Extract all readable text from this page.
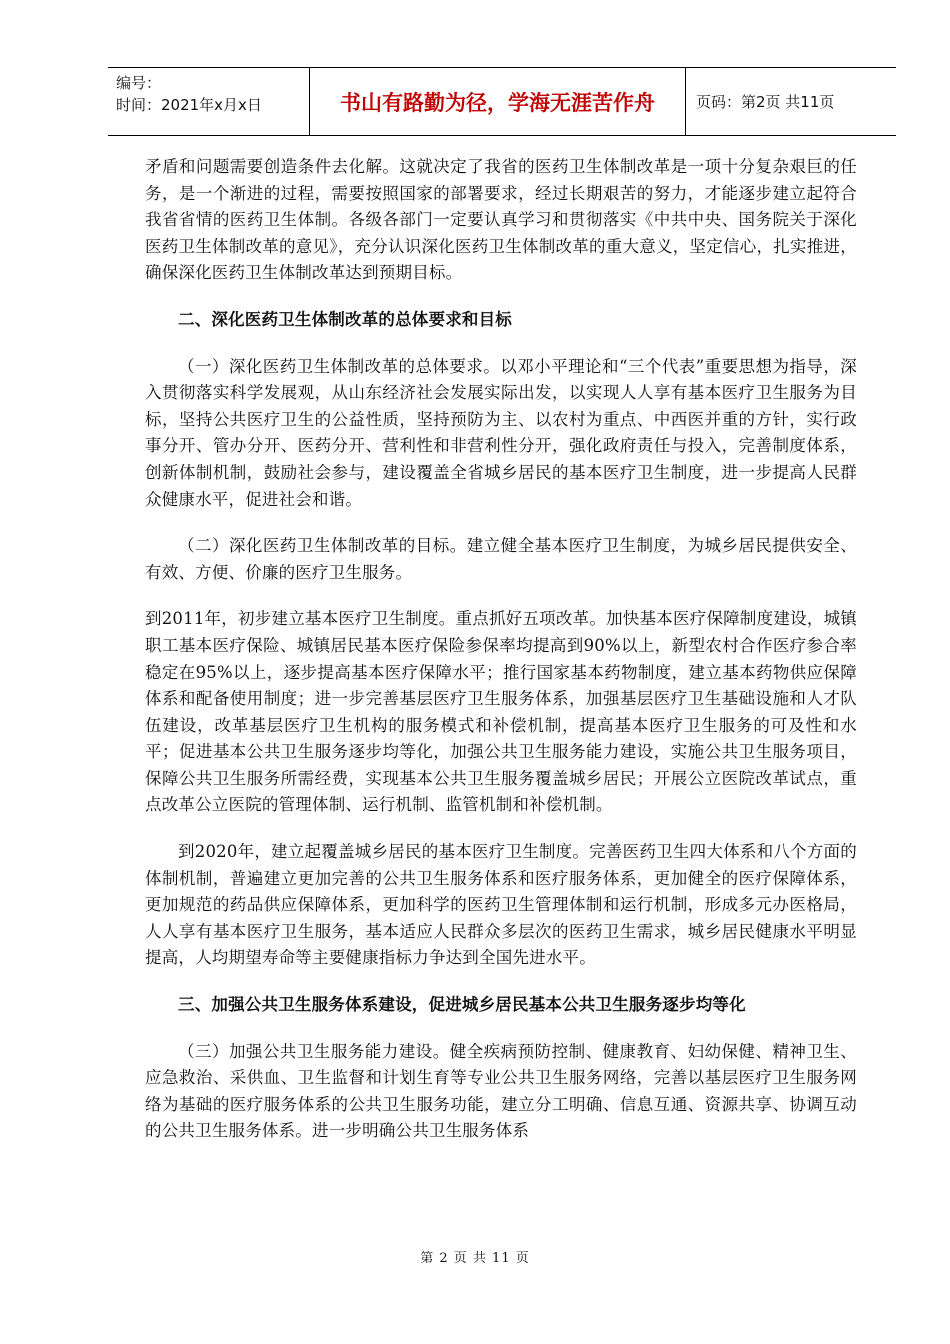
编号：
时间：2021年x月x日	书山有路勤为径，学海无涯苦作舟	页码：第2页 共11页

矛盾和问题需要创造条件去化解。这就决定了我省的医药卫生体制改革是一项十分复杂艰巨的任务，是一个渐进的过程，需要按照国家的部署要求，经过长期艰苦的努力，才能逐步建立起符合我省省情的医药卫生体制。各级各部门一定要认真学习和贯彻落实《中共中央、国务院关于深化医药卫生体制改革的意见》，充分认识深化医药卫生体制改革的重大意义，坚定信心，扎实推进，确保深化医药卫生体制改革达到预期目标。

二、深化医药卫生体制改革的总体要求和目标

（一）深化医药卫生体制改革的总体要求。以邓小平理论和“三个代表”重要思想为指导，深入贯彻落实科学发展观，从山东经济社会发展实际出发，以实现人人享有基本医疗卫生服务为目标，坚持公共医疗卫生的公益性质，坚持预防为主、以农村为重点、中西医并重的方针，实行政事分开、管办分开、医药分开、营利性和非营利性分开，强化政府责任与投入，完善制度体系，创新体制机制，鼓励社会参与，建设覆盖全省城乡居民的基本医疗卫生制度，进一步提高人民群众健康水平，促进社会和谐。

（二）深化医药卫生体制改革的目标。建立健全基本医疗卫生制度，为城乡居民提供安全、有效、方便、价廉的医疗卫生服务。

到2011年，初步建立基本医疗卫生制度。重点抓好五项改革。加快基本医疗保障制度建设，城镇职工基本医疗保险、城镇居民基本医疗保险参保率均提高到90%以上，新型农村合作医疗参合率稳定在95%以上，逐步提高基本医疗保障水平；推行国家基本药物制度，建立基本药物供应保障体系和配备使用制度；进一步完善基层医疗卫生服务体系，加强基层医疗卫生基础设施和人才队伍建设，改革基层医疗卫生机构的服务模式和补偿机制，提高基本医疗卫生服务的可及性和水平；促进基本公共卫生服务逐步均等化，加强公共卫生服务能力建设，实施公共卫生服务项目，保障公共卫生服务所需经费，实现基本公共卫生服务覆盖城乡居民；开展公立医院改革试点，重点改革公立医院的管理体制、运行机制、监管机制和补偿机制。

到2020年，建立起覆盖城乡居民的基本医疗卫生制度。完善医药卫生四大体系和八个方面的体制机制，普遍建立更加完善的公共卫生服务体系和医疗服务体系，更加健全的医疗保障体系，更加规范的药品供应保障体系，更加科学的医药卫生管理体制和运行机制，形成多元办医格局，人人享有基本医疗卫生服务，基本适应人民群众多层次的医药卫生需求，城乡居民健康水平明显提高，人均期望寿命等主要健康指标力争达到全国先进水平。

三、加强公共卫生服务体系建设，促进城乡居民基本公共卫生服务逐步均等化

（三）加强公共卫生服务能力建设。健全疾病预防控制、健康教育、妇幼保健、精神卫生、应急救治、采供血、卫生监督和计划生育等专业公共卫生服务网络，完善以基层医疗卫生服务网络为基础的医疗服务体系的公共卫生服务功能，建立分工明确、信息互通、资源共享、协调互动的公共卫生服务体系。进一步明确公共卫生服务体系

第 2 页 共 11 页
